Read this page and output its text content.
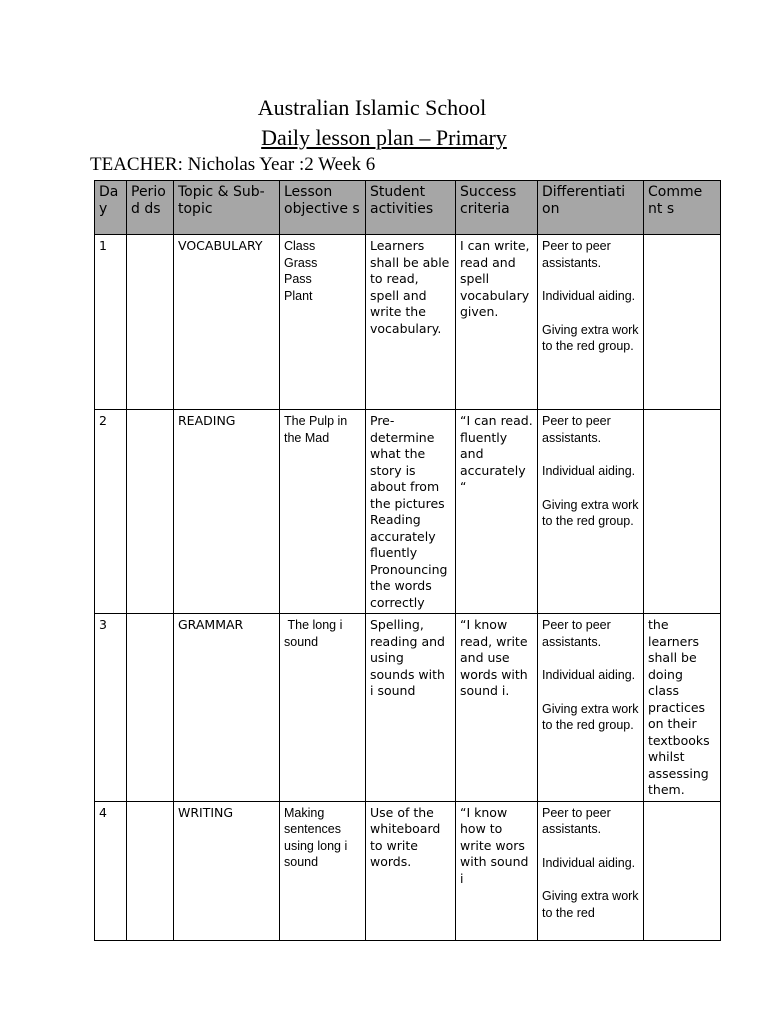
Australian Islamic School
Daily lesson plan – Primary
TEACHER: Nicholas Year :2 Week 6
Da y	Perio d ds	Topic & Sub-topic	Lesson objective s	Student activities	Success criteria	Differentiati on	Comme nt s
1		VOCABULARY	Class
Grass
Pass
Plant	Learners shall be able to read, spell and write the vocabulary.	I can write, read and spell vocabulary given.	Peer to peer assistants.
Individual aiding.
Giving extra work to the red group.	

2		READING	The Pulp in the Mad	Pre-determine what the story is about from the pictures Reading accurately fluently Pronouncing the words correctly	“I can read. fluently and accurately “	Peer to peer assistants.
Individual aiding.
Giving extra work to the red group.	

3		GRAMMAR	The long i sound	Spelling, reading and using sounds with i sound	“I know read, write and use words with sound i.	Peer to peer assistants.
Individual aiding.
Giving extra work to the red group.	the learners shall be doing class practices on their textbooks whilst assessing them.
4		WRITING	Making sentences using long i sound	Use of the whiteboard to write words.	“I know how to write wors with sound i	Peer to peer assistants.
Individual aiding.
Giving extra work to the red	
